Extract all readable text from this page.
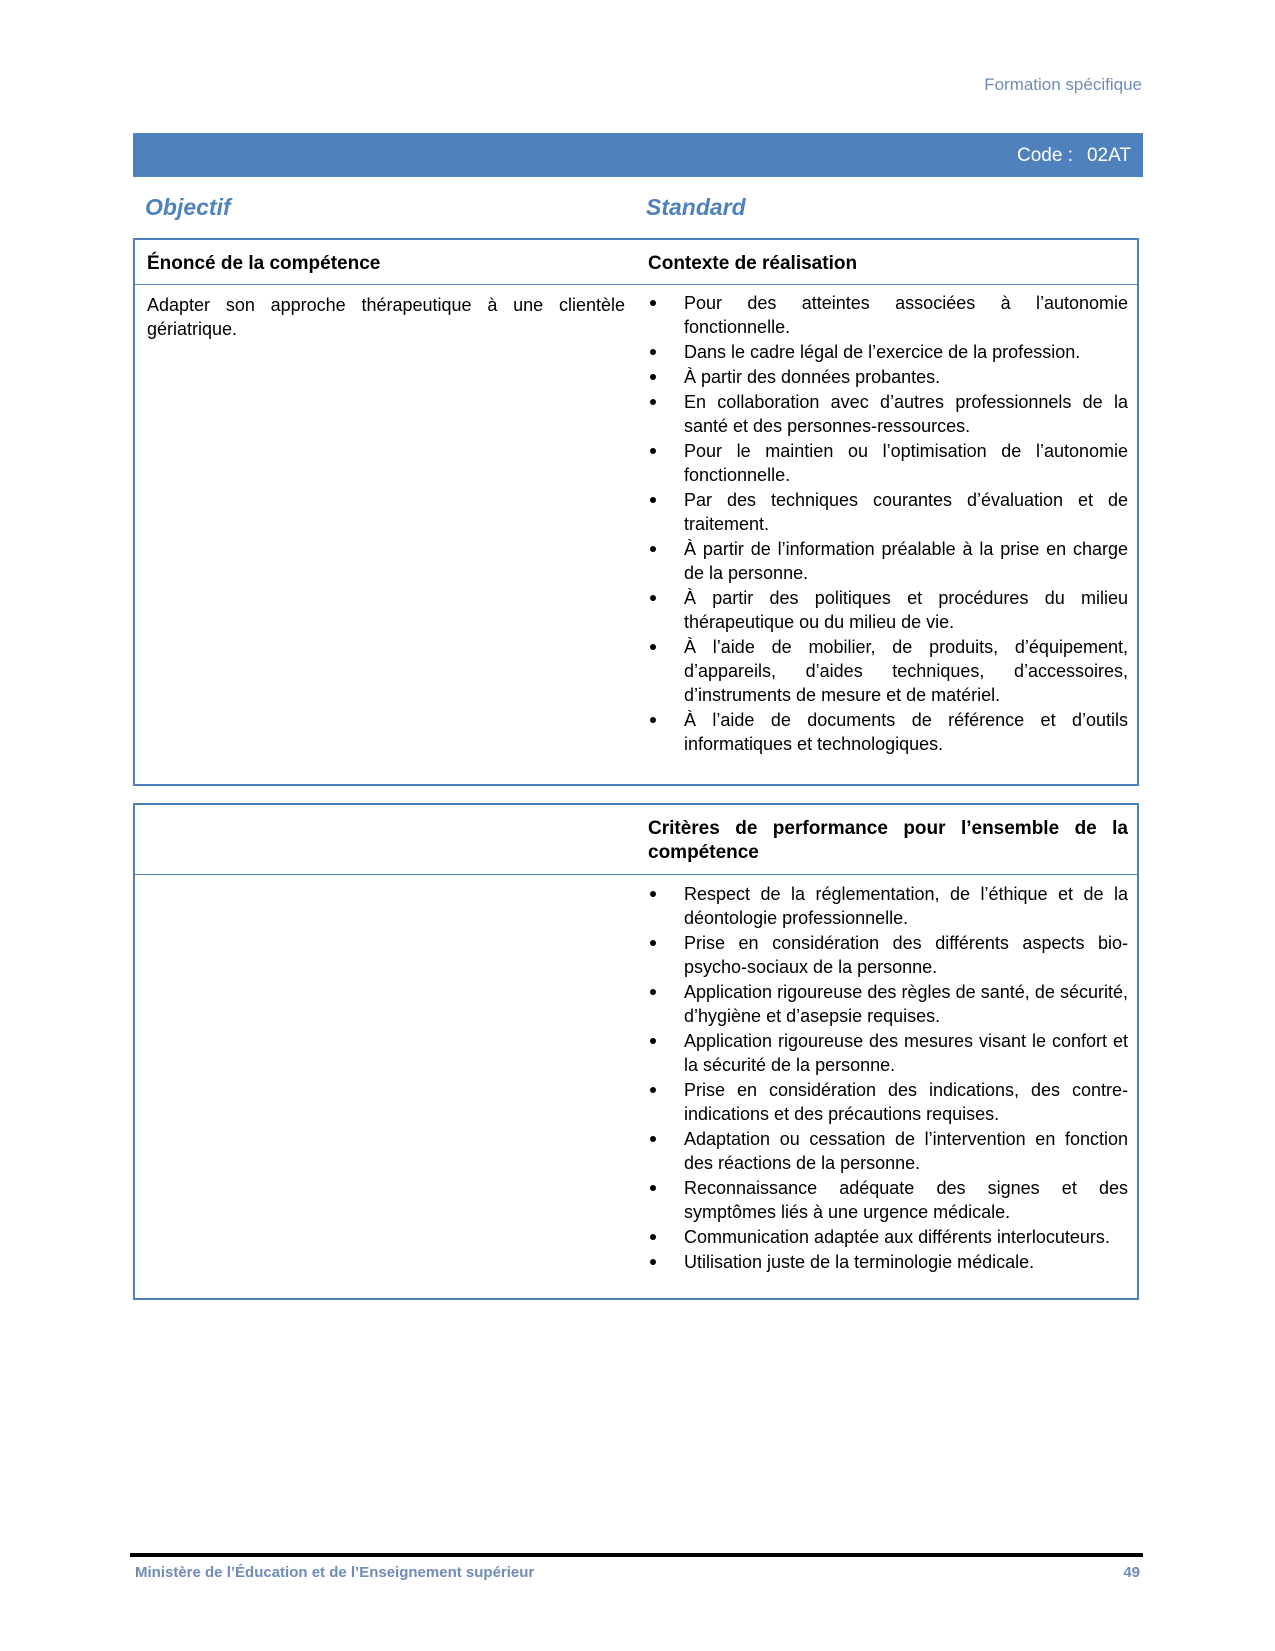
Formation spécifique
Code : 02AT
Objectif	Standard
Énoncé de la compétence	Contexte de réalisation
Adapter son approche thérapeutique à une clientèle gériatrique.
Pour des atteintes associées à l’autonomie fonctionnelle.
Dans le cadre légal de l’exercice de la profession.
À partir des données probantes.
En collaboration avec d’autres professionnels de la santé et des personnes-ressources.
Pour le maintien ou l’optimisation de l’autonomie fonctionnelle.
Par des techniques courantes d’évaluation et de traitement.
À partir de l’information préalable à la prise en charge de la personne.
À partir des politiques et procédures du milieu thérapeutique ou du milieu de vie.
À l’aide de mobilier, de produits, d’équipement, d’appareils, d’aides techniques, d’accessoires, d’instruments de mesure et de matériel.
À l’aide de documents de référence et d’outils informatiques et technologiques.
Critères de performance pour l’ensemble de la compétence
Respect de la réglementation, de l’éthique et de la déontologie professionnelle.
Prise en considération des différents aspects bio-psycho-sociaux de la personne.
Application rigoureuse des règles de santé, de sécurité, d’hygiène et d’asepsie requises.
Application rigoureuse des mesures visant le confort et la sécurité de la personne.
Prise en considération des indications, des contre-indications et des précautions requises.
Adaptation ou cessation de l’intervention en fonction des réactions de la personne.
Reconnaissance adéquate des signes et des symptômes liés à une urgence médicale.
Communication adaptée aux différents interlocuteurs.
Utilisation juste de la terminologie médicale.
Ministère de l’Éducation et de l’Enseignement supérieur	49
